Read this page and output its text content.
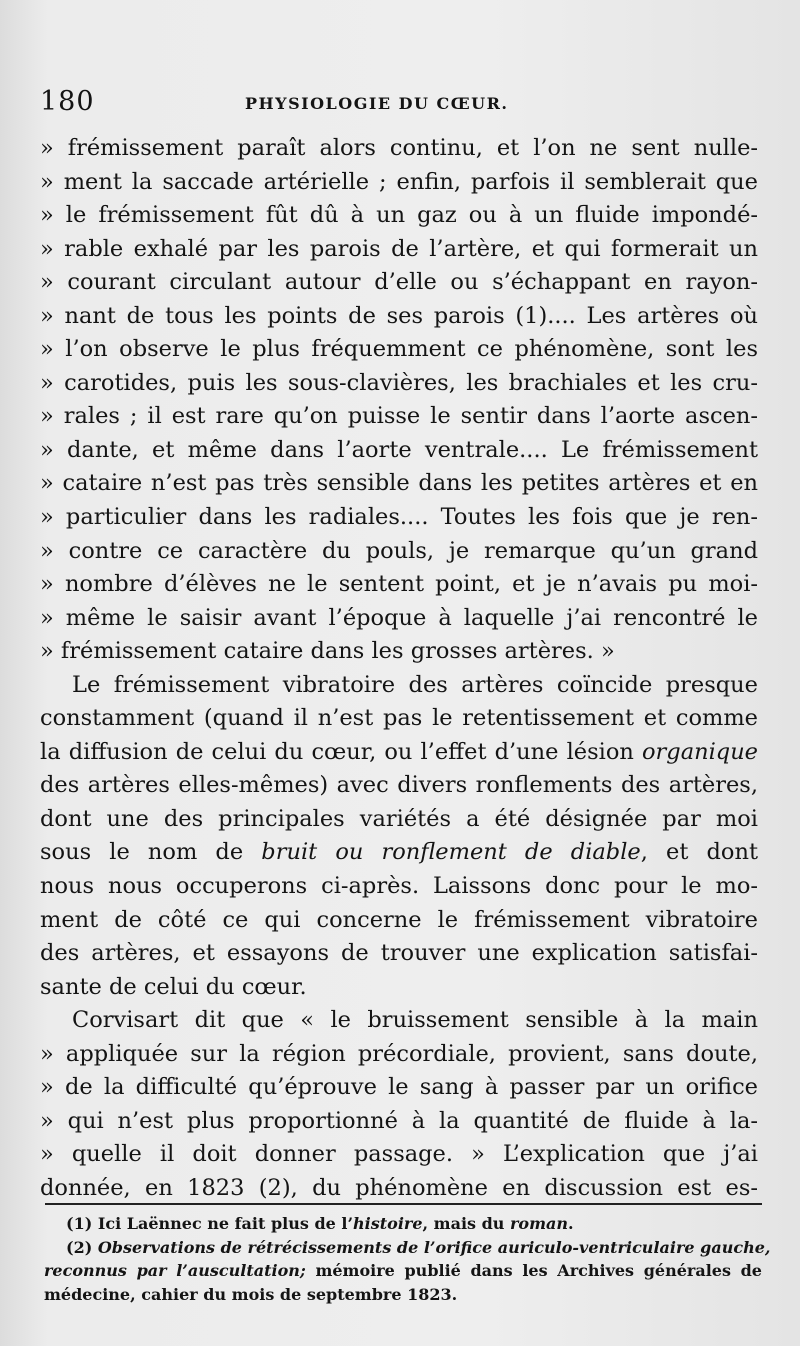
180	PHYSIOLOGIE DU CŒUR.
» frémissement paraît alors continu, et l’on ne sent nulle-
» ment la saccade artérielle ; enfin, parfois il semblerait que
» le frémissement fût dû à un gaz ou à un fluide impondé-
» rable exhalé par les parois de l’artère, et qui formerait un
» courant circulant autour d’elle ou s’échappant en rayon-
» nant de tous les points de ses parois (1).... Les artères où
» l’on observe le plus fréquemment ce phénomène, sont les
» carotides, puis les sous-clavières, les brachiales et les cru-
» rales ; il est rare qu’on puisse le sentir dans l’aorte ascen-
» dante, et même dans l’aorte ventrale.... Le frémissement
» cataire n’est pas très sensible dans les petites artères et en
» particulier dans les radiales.... Toutes les fois que je ren-
» contre ce caractère du pouls, je remarque qu’un grand
» nombre d’élèves ne le sentent point, et je n’avais pu moi-
» même le saisir avant l’époque à laquelle j’ai rencontré le
» frémissement cataire dans les grosses artères. »
Le frémissement vibratoire des artères coïncide presque
constamment (quand il n’est pas le retentissement et comme
la diffusion de celui du cœur, ou l’effet d’une lésion organique
des artères elles-mêmes) avec divers ronflements des artères,
dont une des principales variétés a été désignée par moi
sous le nom de bruit ou ronflement de diable, et dont
nous nous occuperons ci-après. Laissons donc pour le mo-
ment de côté ce qui concerne le frémissement vibratoire
des artères, et essayons de trouver une explication satisfai-
sante de celui du cœur.
Corvisart dit que « le bruissement sensible à la main
» appliquée sur la région précordiale, provient, sans doute,
» de la difficulté qu’éprouve le sang à passer par un orifice
» qui n’est plus proportionné à la quantité de fluide à la-
» quelle il doit donner passage. » L’explication que j’ai
donnée, en 1823 (2), du phénomène en discussion est es-
(1) Ici Laënnec ne fait plus de l’histoire, mais du roman.
(2) Observations de rétrécissements de l’orifice auriculo-ventriculaire gauche,
reconnus par l’auscultation; mémoire publié dans les Archives générales de
médecine, cahier du mois de septembre 1823.
